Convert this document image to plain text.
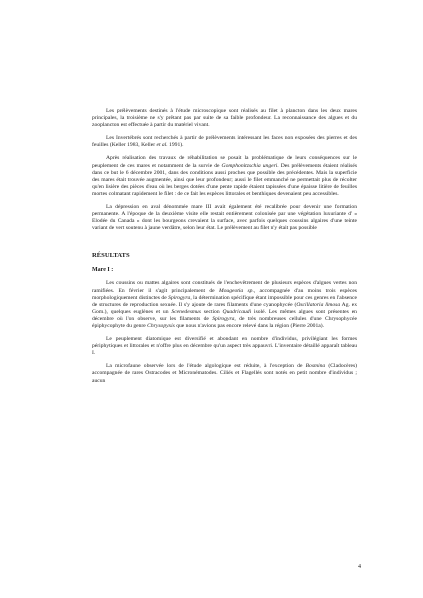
Les prélèvements destinés à l'étude microscopique sont réalisés au filet à plancton dans les deux mares principales, la troisième ne s'y prêtant pas par suite de sa faible profondeur. La reconnaissance des algues et du zooplancton est effectuée à partir du matériel vivant.

Les Invertébrés sont recherchés à partir de prélèvements intéressant les faces non exposées des pierres et des feuilles (Keller 1983, Keller et al. 1991).

Après réalisation des travaux de réhabilitation se posait la problématique de leurs conséquences sur le peuplement de ces mares et notamment de la survie de Gomphonitzschia ungeri. Des prélèvements étaient réalisés dans ce but le 6 décembre 2001, dans des conditions aussi proches que possible des précédentes. Mais la superficie des mares était trouvée augmentée, ainsi que leur profondeur; aussi le filet emmanché ne permettait plus de récolter qu'en lisière des pièces d'eau où les berges dotées d'une pente rapide étaient tapissées d'une épaisse litière de feuilles mortes colmatant rapidement le filet : de ce fait les espèces littorales et benthiques devenaient peu accessibles.

La dépression en aval dénommée mare III avait également été recalibrée pour devenir une formation permanente. A l'époque de la deuxième visite elle restait entièrement colonisée par une végétation luxuriante d' « Elodée du Canada » dont les bourgeons crevaient la surface, avec parfois quelques coussins algaires d'une teinte variant de vert soutenu à jaune verdâtre, selon leur état. Le prélèvement au filet n'y était pas possible

RÉSULTATS
Mare I :

Les coussins ou mattes algaires sont constitués de l'enchevêtrement de plusieurs espèces d'algues vertes non ramifiées. En février il s'agit principalement de Mougeotia sp., accompagnée d'au moins trois espèces morphologiquement distinctes de Spirogyra, la détermination spécifique étant impossible pour ces genres en l'absence de structures de reproduction sexuée. Il s'y ajoute de rares filaments d'une cyanophycée (Oscillatoria limosa Ag. ex Gom.), quelques euglènes et un Scenedesmus section Quadricaudi isolé. Les mêmes algues sont présentes en décembre où l'on observe, sur les filaments de Spirogyra, de très nombreuses cellules d'une Chrysophycée épiphycophyte du genre Chrysopyxis que nous n'avions pas encore relevé dans la région (Pierre 2001a).

Le peuplement diatomique est diversifié et abondant en nombre d'individus, privilégiant les formes périphytiques et littorales et n'offre plus en décembre qu'un aspect très appauvri. L'inventaire détaillé apparaît tableau I.

La microfaune observée lors de l'étude algologique est réduite, à l'exception de Bosmina (Cladocères) accompagnée de rares Ostracodes et Micronématodes. Ciliés et Flagellés sont notés en petit nombre d'individus ; aucun

4
